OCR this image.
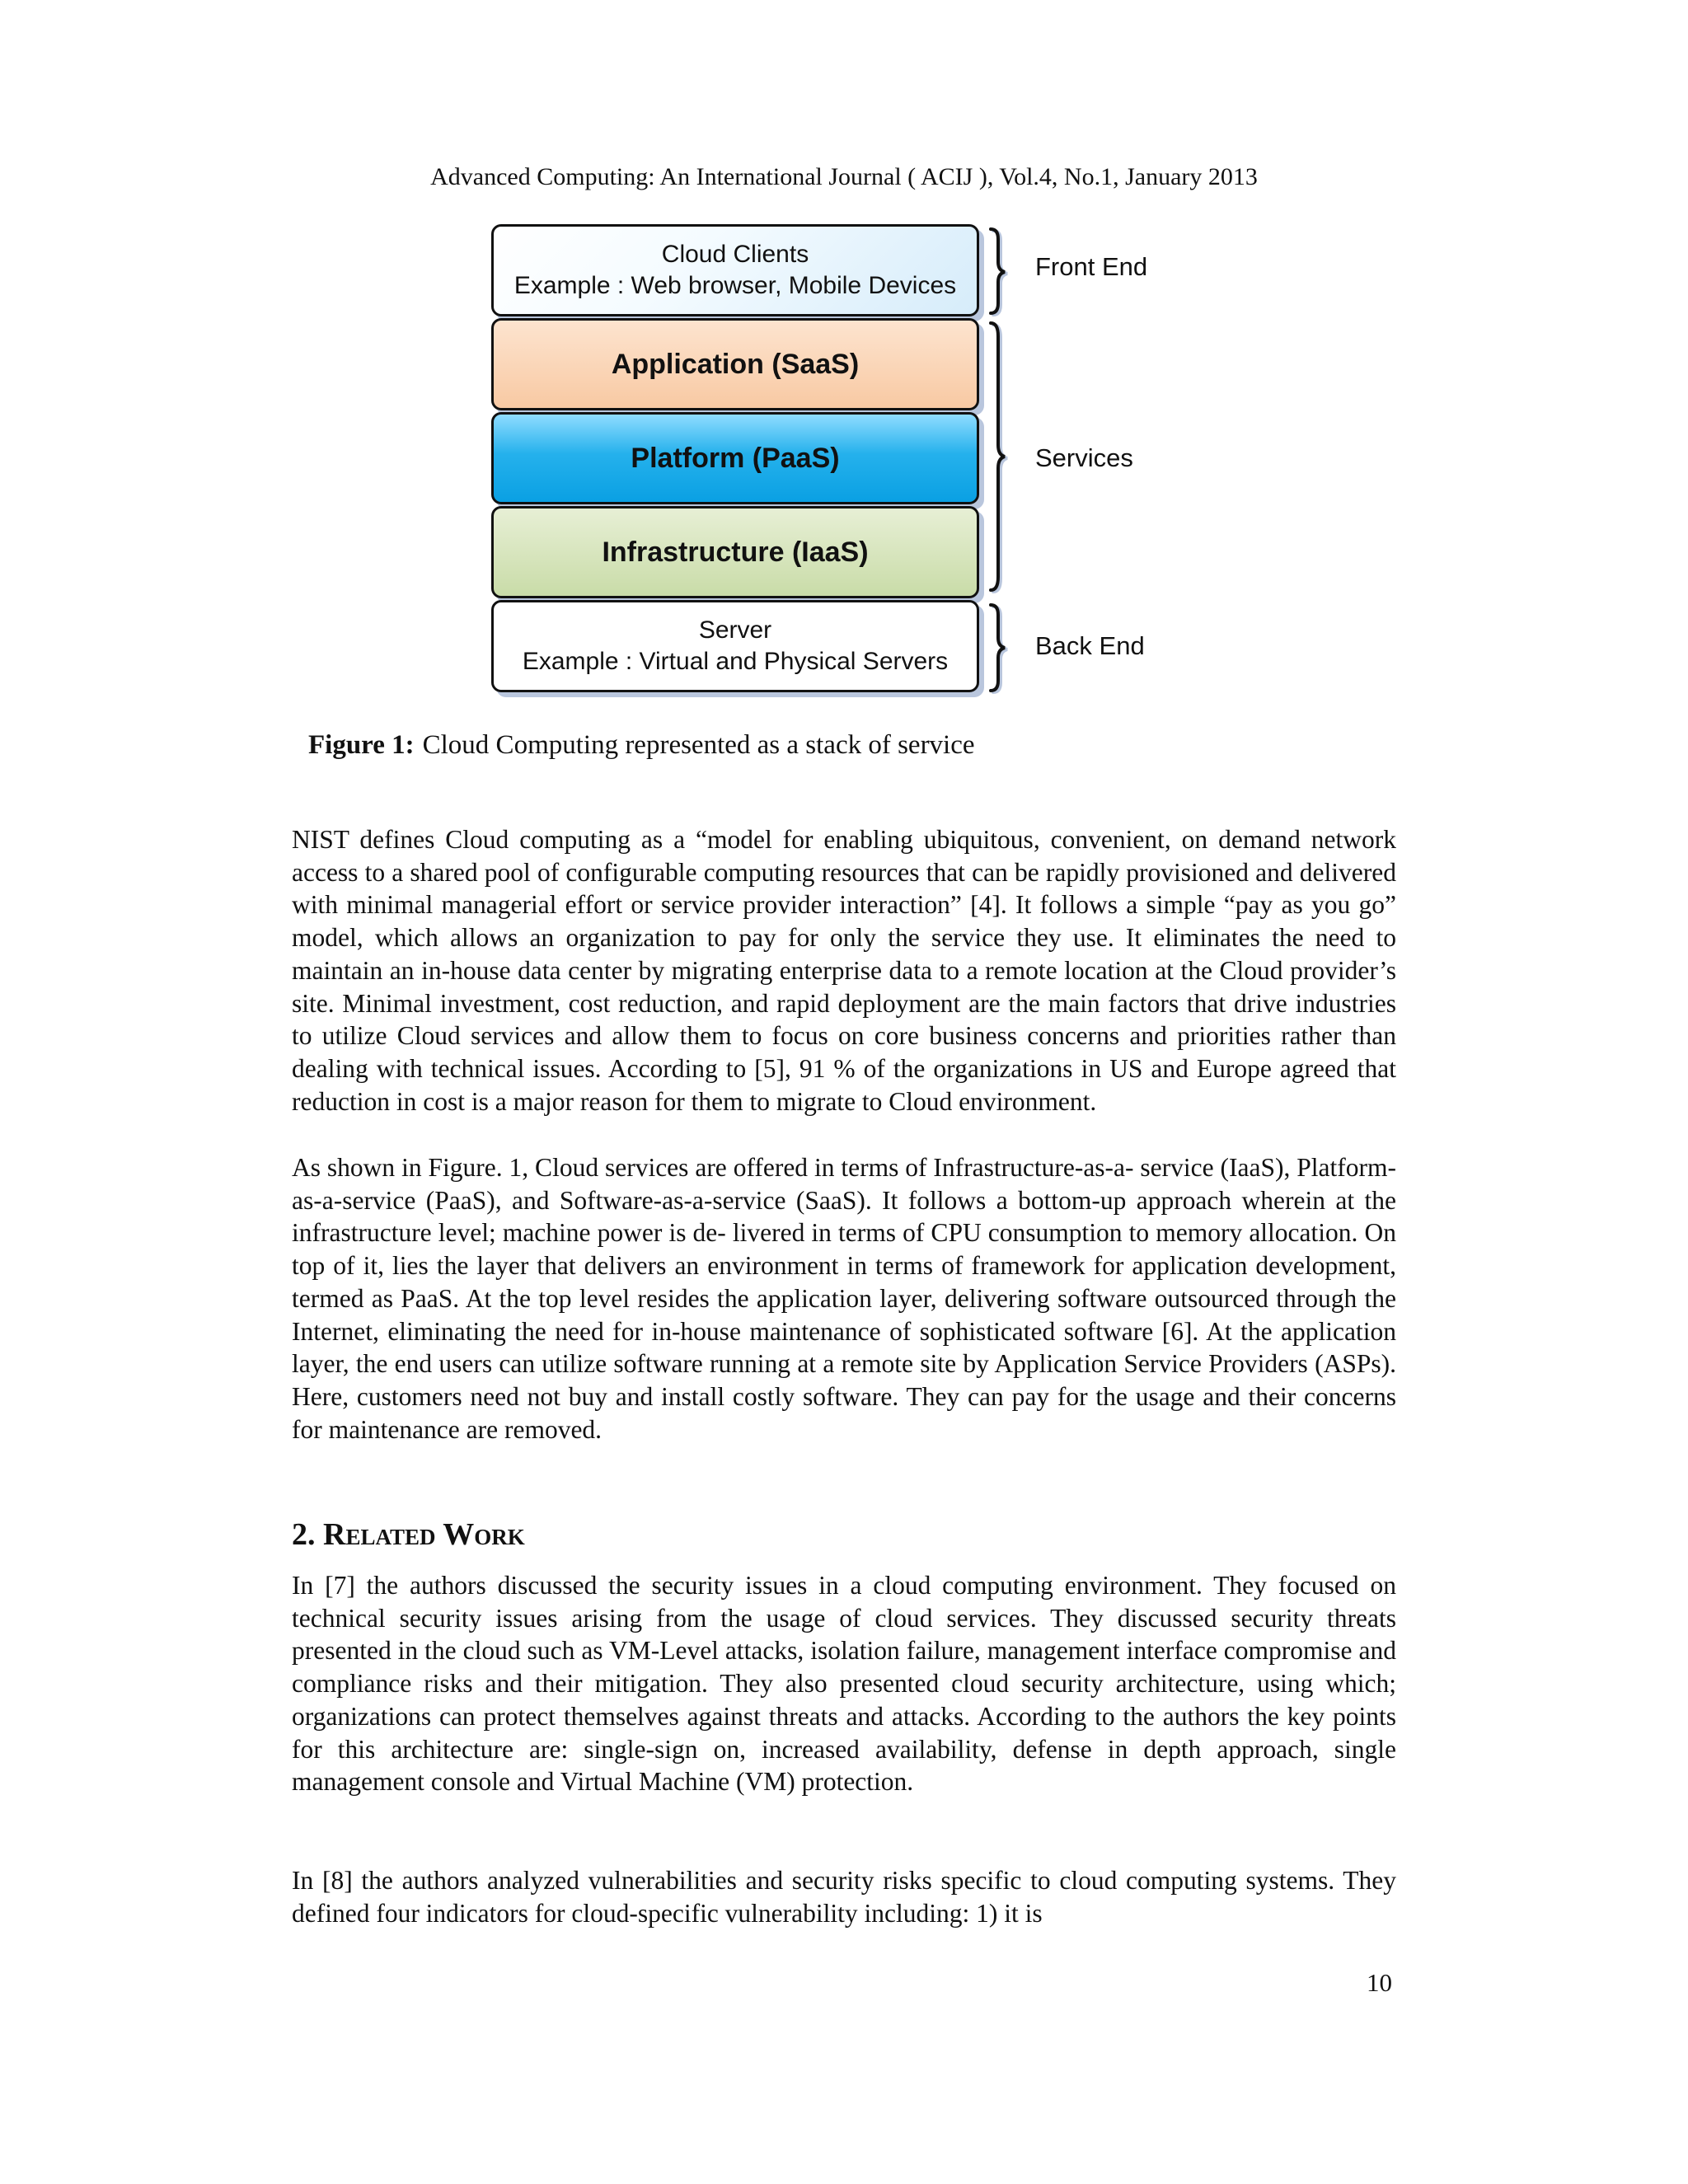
Advanced Computing: An International Journal ( ACIJ ), Vol.4, No.1, January 2013
Cloud Clients
Example : Web browser, Mobile Devices
Application (SaaS)
Platform (PaaS)
Infrastructure (IaaS)
Server
Example : Virtual and Physical Servers
Front End
Services
Back End
Figure 1: Cloud Computing represented as a stack of service

NIST defines Cloud computing as a “model for enabling ubiquitous, convenient, on demand network access to a shared pool of configurable computing resources that can be rapidly provisioned and delivered with minimal managerial effort or service provider interaction” [4]. It follows a simple “pay as you go” model, which allows an organization to pay for only the service they use. It eliminates the need to maintain an in-house data center by migrating enterprise data to a remote location at the Cloud provider’s site. Minimal investment, cost reduction, and rapid deployment are the main factors that drive industries to utilize Cloud services and allow them to focus on core business concerns and priorities rather than dealing with technical issues. According to [5], 91 % of the organizations in US and Europe agreed that reduction in cost is a major reason for them to migrate to Cloud environment.

As shown in Figure. 1, Cloud services are offered in terms of Infrastructure-as-a- service (IaaS), Platform-as-a-service (PaaS), and Software-as-a-service (SaaS). It follows a bottom-up approach wherein at the infrastructure level; machine power is de- livered in terms of CPU consumption to memory allocation. On top of it, lies the layer that delivers an environment in terms of framework for application development, termed as PaaS. At the top level resides the application layer, delivering software outsourced through the Internet, eliminating the need for in-house maintenance of sophisticated software [6]. At the application layer, the end users can utilize software running at a remote site by Application Service Providers (ASPs). Here, customers need not buy and install costly software. They can pay for the usage and their concerns for maintenance are removed.

2. Related Work

In [7] the authors discussed the security issues in a cloud computing environment. They focused on technical security issues arising from the usage of cloud services. They discussed security threats presented in the cloud such as VM-Level attacks, isolation failure, management interface compromise and compliance risks and their mitigation. They also presented cloud security architecture, using which; organizations can protect themselves against threats and attacks. According to the authors the key points for this architecture are: single-sign on, increased availability, defense in depth approach, single management console and Virtual Machine (VM) protection.

In [8] the authors analyzed vulnerabilities and security risks specific to cloud computing systems. They defined four indicators for cloud-specific vulnerability including: 1) it is

10
